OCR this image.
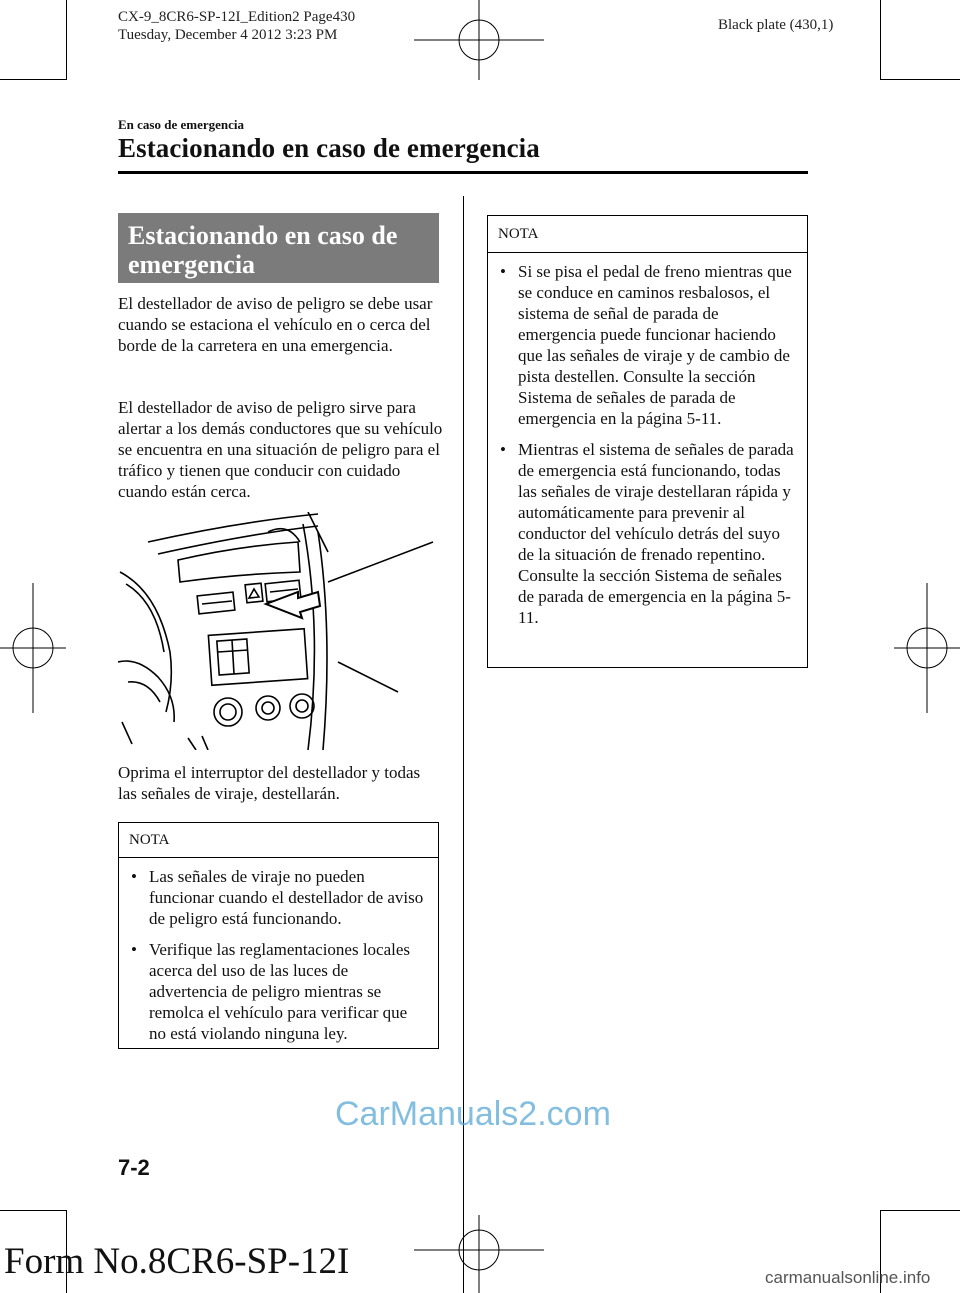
CX-9_8CR6-SP-12I_Edition2 Page430
Tuesday, December 4 2012 3:23 PM
Black plate (430,1)
En caso de emergencia
Estacionando en caso de emergencia
Estacionando en caso de emergencia
El destellador de aviso de peligro se debe usar cuando se estaciona el vehículo en o cerca del borde de la carretera en una emergencia.
El destellador de aviso de peligro sirve para alertar a los demás conductores que su vehículo se encuentra en una situación de peligro para el tráfico y tienen que conducir con cuidado cuando están cerca.
Oprima el interruptor del destellador y todas las señales de viraje, destellarán.
NOTA
• Las señales de viraje no pueden funcionar cuando el destellador de aviso de peligro está funcionando.
• Verifique las reglamentaciones locales acerca del uso de las luces de advertencia de peligro mientras se remolca el vehículo para verificar que no está violando ninguna ley.
NOTA
• Si se pisa el pedal de freno mientras que se conduce en caminos resbalosos, el sistema de señal de parada de emergencia puede funcionar haciendo que las señales de viraje y de cambio de pista destellen. Consulte la sección Sistema de señales de parada de emergencia en la página 5-11.
• Mientras el sistema de señales de parada de emergencia está funcionando, todas las señales de viraje destellaran rápida y automáticamente para prevenir al conductor del vehículo detrás del suyo de la situación de frenado repentino. Consulte la sección Sistema de señales de parada de emergencia en la página 5-11.
CarManuals2.com
7-2
Form No.8CR6-SP-12I	carmanualsonline.info
